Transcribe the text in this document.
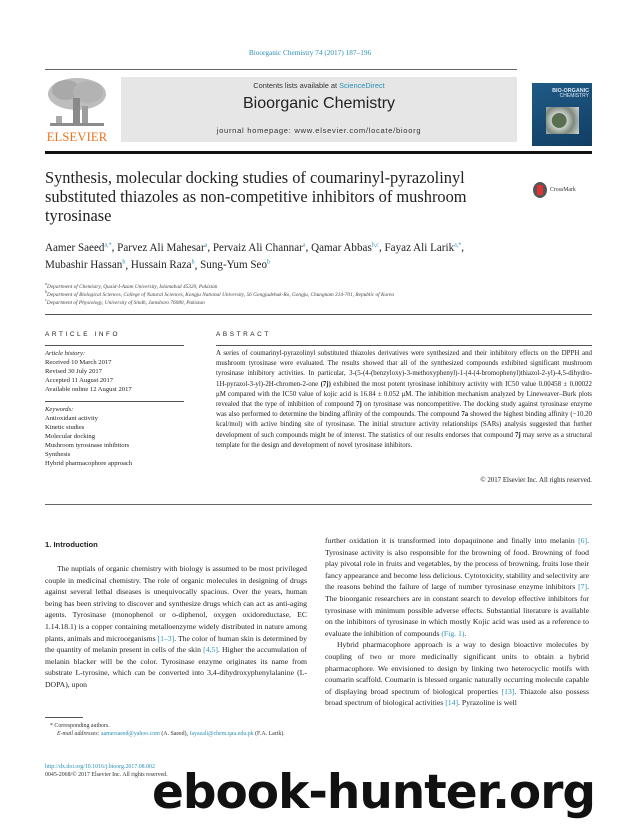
Bioorganic Chemistry 74 (2017) 187–196
ELSEVIER
Contents lists available at ScienceDirect
Bioorganic Chemistry
journal homepage: www.elsevier.com/locate/bioorg
BIO-ORGANIC
CHEMISTRY
Synthesis, molecular docking studies of coumarinyl-pyrazolinyl substituted thiazoles as non-competitive inhibitors of mushroom tyrosinase
CrossMark
Aamer Saeed$^{a,*}$, Parvez Ali Mahesar$^a$, Pervaiz Ali Channar$^a$, Qamar Abbas$^{b,c}$, Fayaz Ali Larik$^{a,*}$,
Mubashir Hassan$^b$, Hussain Raza$^b$, Sung-Yum Seo$^b$
$^a$Department of Chemistry, Quaid-I-Azam University, Islamabad 45320, Pakistan
$^b$Department of Biological Sciences, College of Natural Sciences, Kongju National University, 56 Gongjudehak-Ro, Gongju, Chungnam 314-701, Republic of Korea
$^c$Department of Physiology, University of Sindh, Jamshoro 76080, Pakistan
ARTICLE INFO	ABSTRACT
Article history:
Received 10 March 2017
Revised 30 July 2017
Accepted 11 August 2017
Available online 12 August 2017
Keywords:
Antioxidant activity
Kinetic studies
Molecular docking
Mushroom tyrosinase inhibitors
Synthesis
Hybrid pharmacophore approach
A series of coumarinyl-pyrazolinyl substituted thiazoles derivatives were synthesized and their inhibitory effects on the DPPH and mushroom tyrosinase were evaluated. The results showed that all of the synthesized compounds exhibited significant mushroom tyrosinase inhibitory activities. In particular, 3-(5-(4-(benzyloxy)-3-methoxyphenyl)-1-(4-(4-bromophenyl)thiazol-2-yl)-4,5-dihydro-1H-pyrazol-3-yl)-2H-chromen-2-one (7j) exhibited the most potent tyrosinase inhibitory activity with IC50 value 0.00458 ± 0.00022 μM compared with the IC50 value of kojic acid is 16.84 ± 0.052 μM. The inhibition mechanism analyzed by Lineweaver–Burk plots revealed that the type of inhibition of compound 7j on tyrosinase was noncompetitive. The docking study against tyrosinase enzyme was also performed to determine the binding affinity of the compounds. The compound 7a showed the highest binding affinity (−10.20 kcal/mol) with active binding site of tyrosinase. The initial structure activity relationships (SARs) analysis suggested that further development of such compounds might be of interest. The statistics of our results endorses that compound 7j may serve as a structural template for the design and development of novel tyrosinase inhibitors.
© 2017 Elsevier Inc. All rights reserved.
1. Introduction

The nuptials of organic chemistry with biology is assumed to be most privileged couple in medicinal chemistry. The role of organic molecules in designing of drugs against several lethal diseases is unequivocally spacious. Over the years, human being has been striving to discover and synthesize drugs which can act as anti-aging agents. Tyrosinase (monophenol or o-diphenol, oxygen oxidoreductase, EC 1.14.18.1) is a copper containing metalloenzyme widely distributed in nature among plants, animals and microorganisms [1–3]. The color of human skin is determined by the quantity of melanin present in cells of the skin [4,5]. Higher the accumulation of melanin blacker will be the color. Tyrosinase enzyme originates its name from substrate L-tyrosine, which can be converted into 3,4-dihydroxyphenylalanine (L-DOPA), upon

further oxidation it is transformed into dopaquinone and finally into melanin [6]. Tyrosinase activity is also responsible for the browning of food. Browning of food play pivotal role in fruits and vegetables, by the process of browning, fruits lose their fancy appearance and become less delicious. Cytotoxicity, stability and selectivity are the reasons behind the failure of large of number tyrosinase enzyme inhibitors [7]. The bioorganic researchers are in constant search to develop effective inhibitors for tyrosinase with minimum possible adverse effects. Substantial literature is available on the inhibitors of tyrosinase in which mostly Kojic acid was used as a reference to evaluate the inhibition of compounds (Fig. 1).

Hybrid pharmacophore approach is a way to design bioactive molecules by coupling of two or more medicinally significant units to obtain a hybrid pharmacophore. We envisioned to design by linking two heterocyclic motifs with coumarin scaffold. Coumarin is blessed organic naturally occurring molecule capable of displaying broad spectrum of biological properties [13]. Thiazole also possess broad spectrum of biological activities [14]. Pyrazoline is well

* Corresponding authors.
E-mail addresses: aamersaeed@yahoo.com (A. Saeed), fayazali@chem.qau.edu.pk (F.A. Larik).
http://dx.doi.org/10.1016/j.bioorg.2017.08.002
0045-2068/© 2017 Elsevier Inc. All rights reserved.
ebook-hunter.org
